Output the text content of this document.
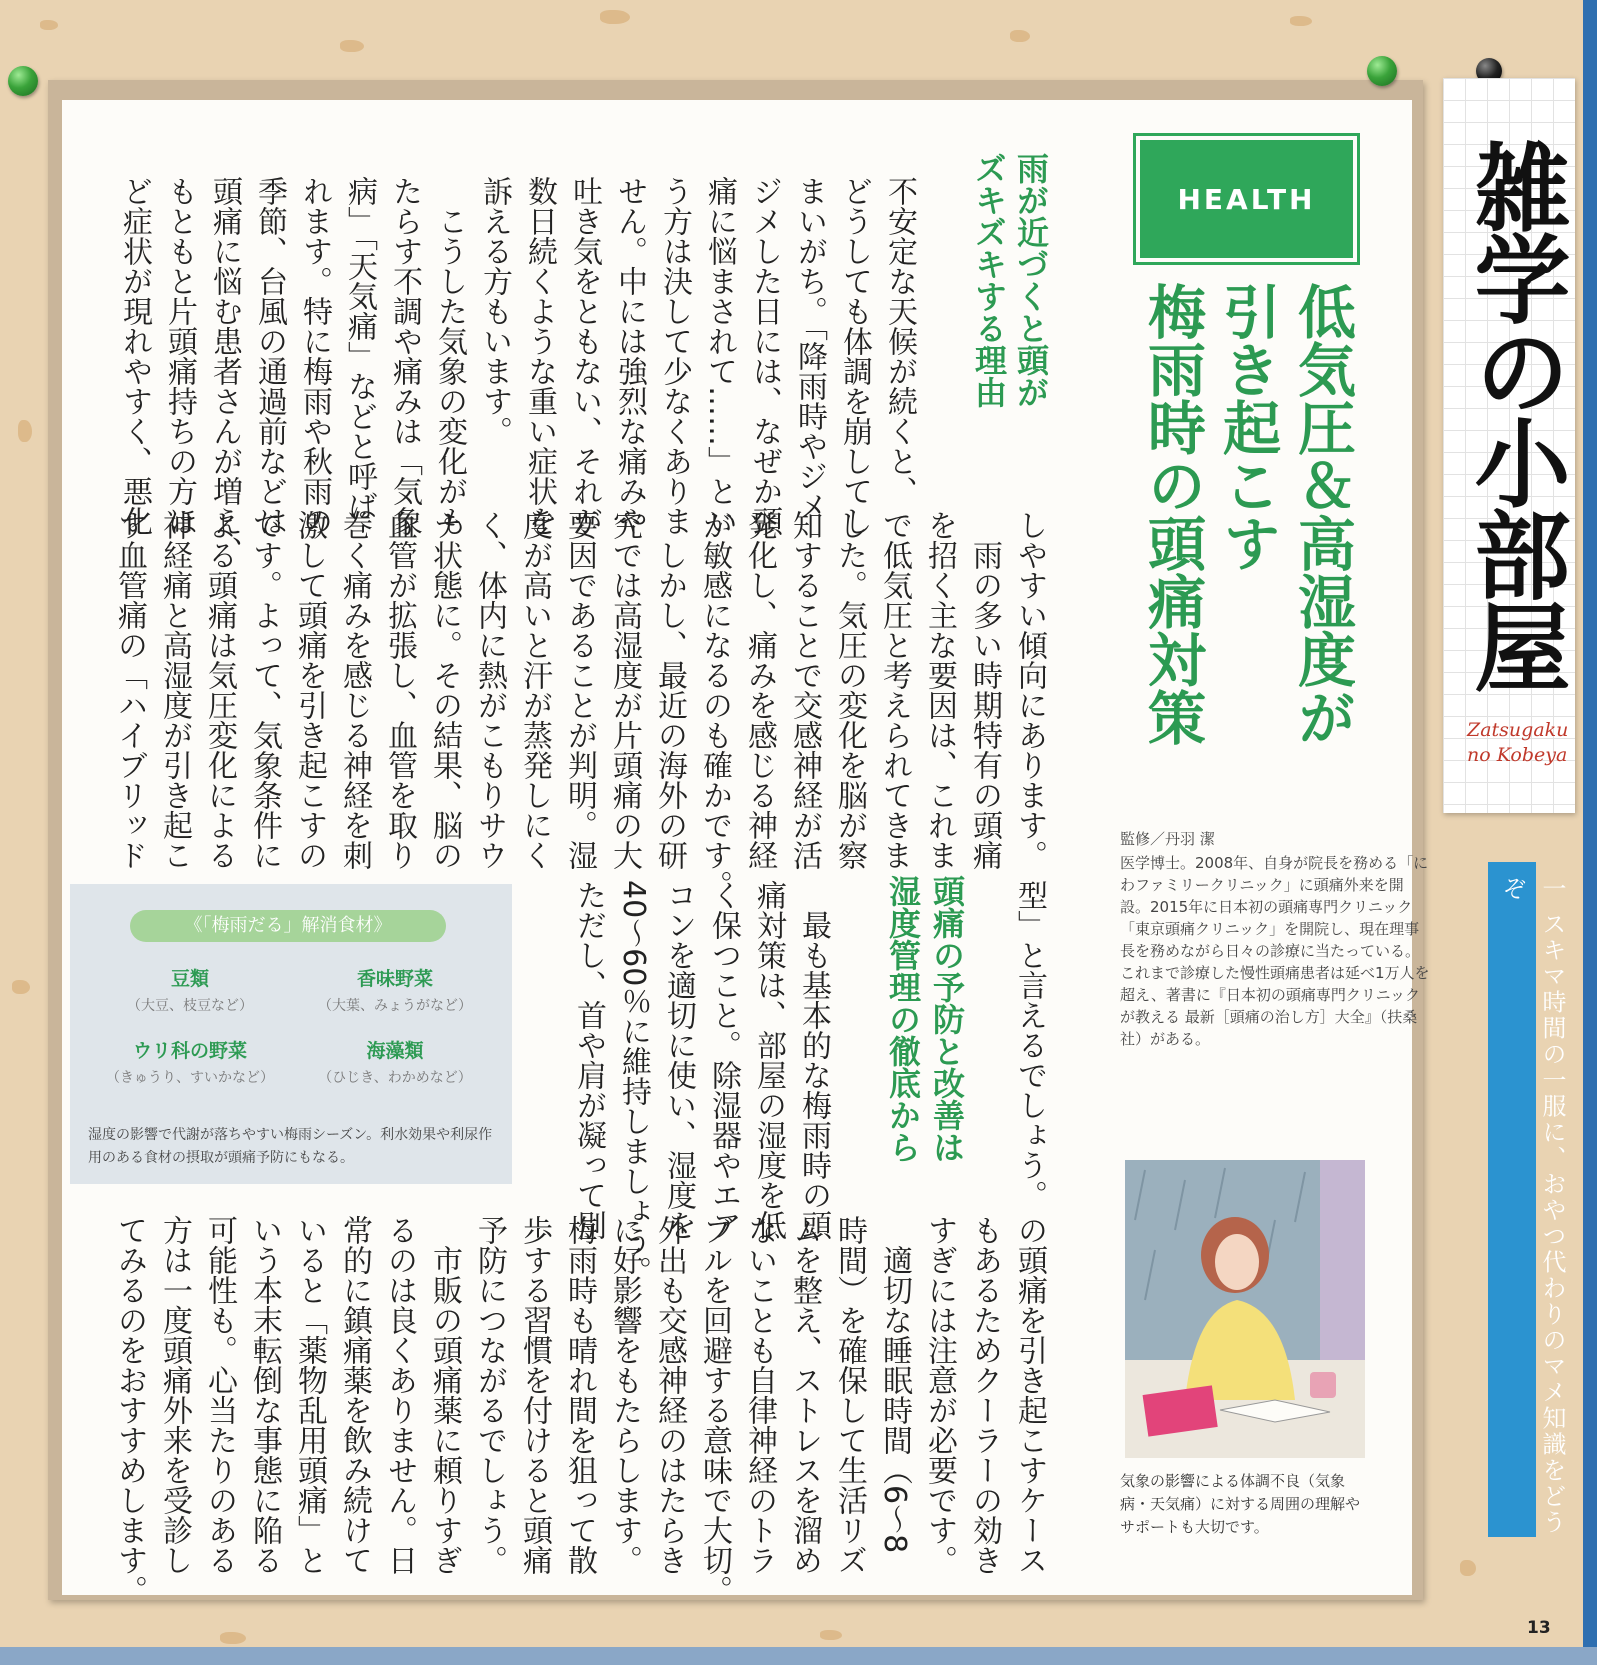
雑学の小部屋
Zatsugaku
no Kobeya
一 スキマ時間の一服に、おやつ代わりのマメ知識をどうぞ
HEALTH
低気圧＆高湿度が
引き起こす
梅雨時の頭痛対策
雨が近づくと頭が
ズキズキする理由
不安定な天候が続くと、
どうしても体調を崩してし
まいがち。「降雨時やジメ
ジメした日には、なぜか頭
痛に悩まされて……」とい
う方は決して少なくありま
せん。中には強烈な痛みや
吐き気をともない、それが
数日続くような重い症状を
訴える方もいます。
　こうした気象の変化がも
たらす不調や痛みは「気象
病」「天気痛」などと呼ば
れます。特に梅雨や秋雨の
季節、台風の通過前などは
頭痛に悩む患者さんが増え、
もともと片頭痛持ちの方ほ
ど症状が現れやすく、悪化
しやすい傾向にあります。
　雨の多い時期特有の頭痛
を招く主な要因は、これま
で低気圧と考えられてきま
した。気圧の変化を脳が察
知することで交感神経が活
発化し、痛みを感じる神経
が敏感になるのも確かです。
　しかし、最近の海外の研
究では高湿度が片頭痛の大
要因であることが判明。湿
度が高いと汗が蒸発しにく
く、体内に熱がこもりサウ
ナ状態に。その結果、脳の
血管が拡張し、血管を取り
巻く痛みを感じる神経を刺
激して頭痛を引き起こすの
です。よって、気象条件に
よる頭痛は気圧変化による
神経痛と高湿度が引き起こ
す血管痛の「ハイブリッド
頭痛の予防と改善は
湿度管理の徹底から	型」と言えるでしょう。
　最も基本的な梅雨時の頭
痛対策は、部屋の湿度を低
く保つこと。除湿器やエア
コンを適切に使い、湿度を
40～60％に維持しましょう。
ただし、首や肩が凝って別
の頭痛を引き起こすケース
もあるためクーラーの効き
すぎには注意が必要です。
　適切な睡眠時間（6～8
時間）を確保して生活リズ
ムを整え、ストレスを溜め
ないことも自律神経のトラ
ブルを回避する意味で大切。
外出も交感神経のはたらき
に好影響をもたらします。
梅雨時も晴れ間を狙って散
歩する習慣を付けると頭痛
予防につながるでしょう。
　市販の頭痛薬に頼りすぎ
るのは良くありません。日
常的に鎮痛薬を飲み続けて
いると「薬物乱用頭痛」と
いう本末転倒な事態に陥る
可能性も。心当たりのある
方は一度頭痛外来を受診し
てみるのをおすすめします。
監修／丹羽 潔
医学博士。2008年、自身が院長を務める「にわファミリークリニック」に頭痛外来を開設。2015年に日本初の頭痛専門クリニック「東京頭痛クリニック」を開院し、現在理事長を務めながら日々の診療に当たっている。これまで診療した慢性頭痛患者は延べ1万人を超え、著書に『日本初の頭痛専門クリニックが教える 最新［頭痛の治し方］大全』（扶桑社）がある。
気象の影響による体調不良（気象病・天気痛）に対する周囲の理解やサポートも大切です。
《「梅雨だる」解消食材》
豆類
（大豆、枝豆など）
香味野菜
（大葉、みょうがなど）
ウリ科の野菜
（きゅうり、すいかなど）
海藻類
（ひじき、わかめなど）
湿度の影響で代謝が落ちやすい梅雨シーズン。利水効果や利尿作用のある食材の摂取が頭痛予防にもなる。
13
